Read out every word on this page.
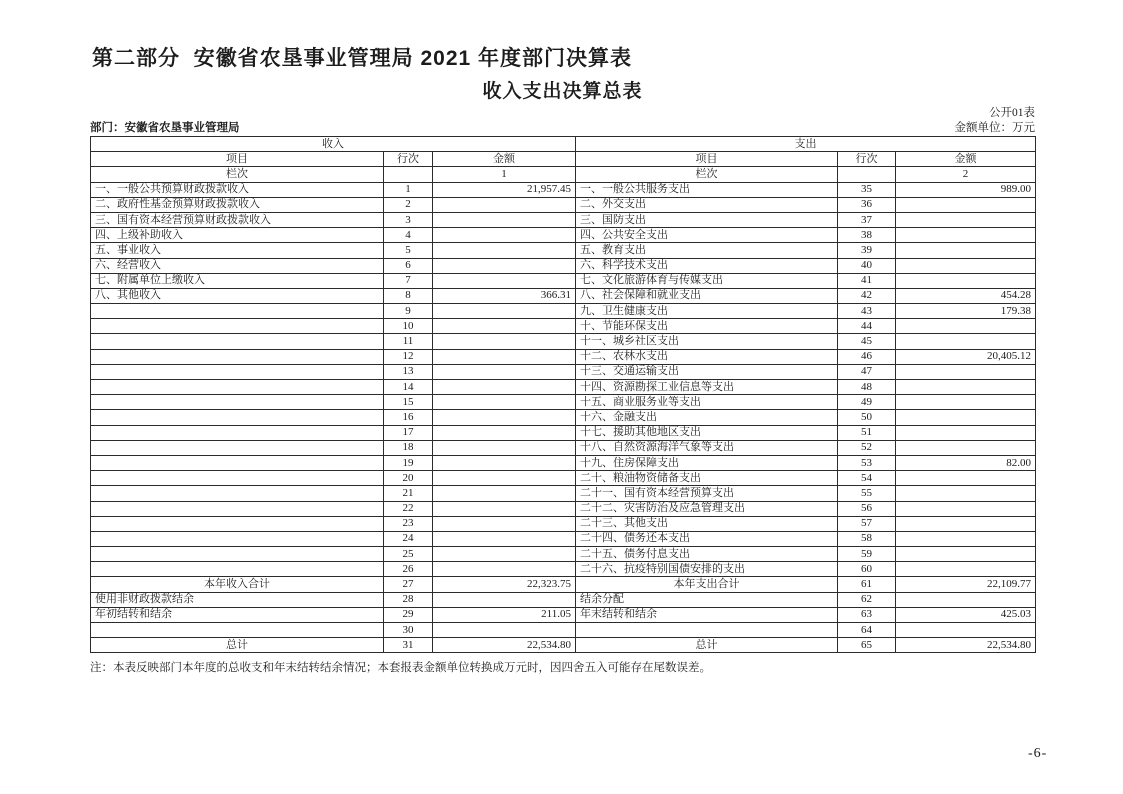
第二部分  安徽省农垦事业管理局 2021 年度部门决算表
收入支出决算总表
公开01表
部门：安徽省农垦事业管理局	金额单位：万元
收入			支出		
项目	行次	金额	项目	行次	金额
栏次		1	栏次		2
一、一般公共预算财政拨款收入	1	21,957.45	一、一般公共服务支出	35	989.00
二、政府性基金预算财政拨款收入	2		二、外交支出	36	
三、国有资本经营预算财政拨款收入	3		三、国防支出	37	
四、上级补助收入	4		四、公共安全支出	38	
五、事业收入	5		五、教育支出	39	
六、经营收入	6		六、科学技术支出	40	
七、附属单位上缴收入	7		七、文化旅游体育与传媒支出	41	
八、其他收入	8	366.31	八、社会保障和就业支出	42	454.28
	9		九、卫生健康支出	43	179.38
	10		十、节能环保支出	44	
	11		十一、城乡社区支出	45	
	12		十二、农林水支出	46	20,405.12
	13		十三、交通运输支出	47	
	14		十四、资源勘探工业信息等支出	48	
	15		十五、商业服务业等支出	49	
	16		十六、金融支出	50	
	17		十七、援助其他地区支出	51	
	18		十八、自然资源海洋气象等支出	52	
	19		十九、住房保障支出	53	82.00
	20		二十、粮油物资储备支出	54	
	21		二十一、国有资本经营预算支出	55	
	22		二十二、灾害防治及应急管理支出	56	
	23		二十三、其他支出	57	
	24		二十四、债务还本支出	58	
	25		二十五、债务付息支出	59	
	26		二十六、抗疫特别国债安排的支出	60	
本年收入合计	27	22,323.75	本年支出合计	61	22,109.77
使用非财政拨款结余	28		结余分配	62	
年初结转和结余	29	211.05	年末结转和结余	63	425.03
	30			64	
总计	31	22,534.80	总计	65	22,534.80
注：本表反映部门本年度的总收支和年末结转结余情况；本套报表金额单位转换成万元时，因四舍五入可能存在尾数误差。
-6-
